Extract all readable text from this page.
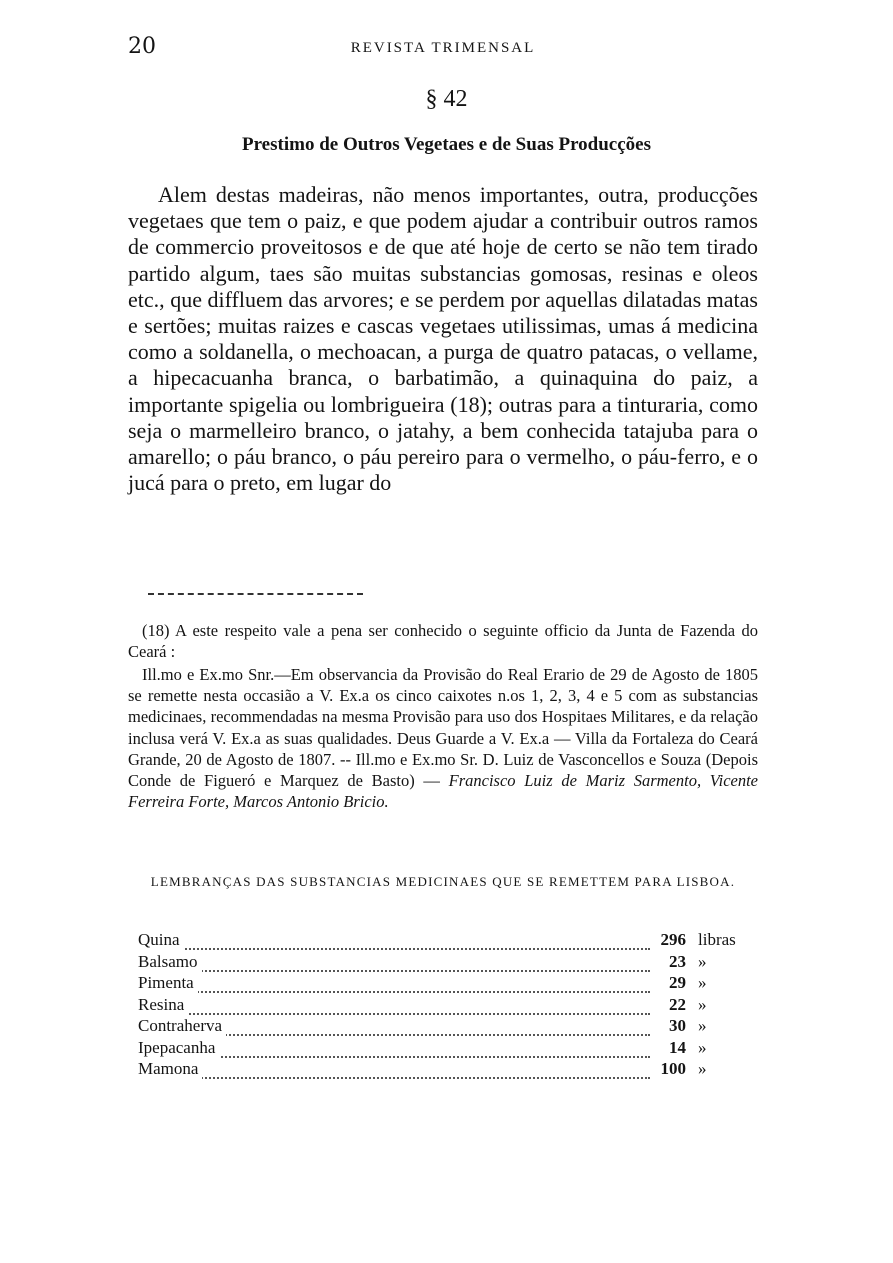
20	REVISTA TRIMENSAL
§ 42
Prestimo de Outros Vegetaes e de Suas Producções

Alem destas madeiras, não menos importantes, outra, producções vegetaes que tem o paiz, e que podem ajudar a contribuir outros ramos de commercio proveitosos e de que até hoje de certo se não tem tirado partido algum, taes são muitas substancias gomosas, resinas e oleos etc., que diffluem das arvores; e se perdem por aquellas dilatadas matas e sertões; muitas raizes e cascas vegetaes utilissimas, umas á medicina como a soldanella, o mechoacan, a purga de quatro patacas, o vellame, a hipecacuanha branca, o barbatimão, a quinaquina do paiz, a importante spigelia ou lombrigueira (18); outras para a tinturaria, como seja o marmelleiro branco, o jatahy, a bem conhecida tatajuba para o amarello; o páu branco, o páu pereiro para o vermelho, o páu-ferro, e o jucá para o preto, em lugar do

(18) A este respeito vale a pena ser conhecido o seguinte officio da Junta de Fazenda do Ceará :

Ill.mo e Ex.mo Snr.—Em observancia da Provisão do Real Erario de 29 de Agosto de 1805 se remette nesta occasião a V. Ex.a os cinco caixotes n.os 1, 2, 3, 4 e 5 com as substancias medicinaes, recommendadas na mesma Provisão para uso dos Hospitaes Militares, e da relação inclusa verá V. Ex.a as suas qualidades. Deus Guarde a V. Ex.a — Villa da Fortaleza do Ceará Grande, 20 de Agosto de 1807. -- Ill.mo e Ex.mo Sr. D. Luiz de Vasconcellos e Souza (Depois Conde de Figueró e Marquez de Basto) — Francisco Luiz de Mariz Sarmento, Vicente Ferreira Forte, Marcos Antonio Bricio.

LEMBRANÇAS DAS SUBSTANCIAS MEDICINAES QUE SE REMETTEM PARA LISBOA.

Quina	296 libras
Balsamo	23 »
Pimenta	29 »
Resina	22 »
Contraherva	30 »
Ipepacanha	14 »
Mamona	100 »
